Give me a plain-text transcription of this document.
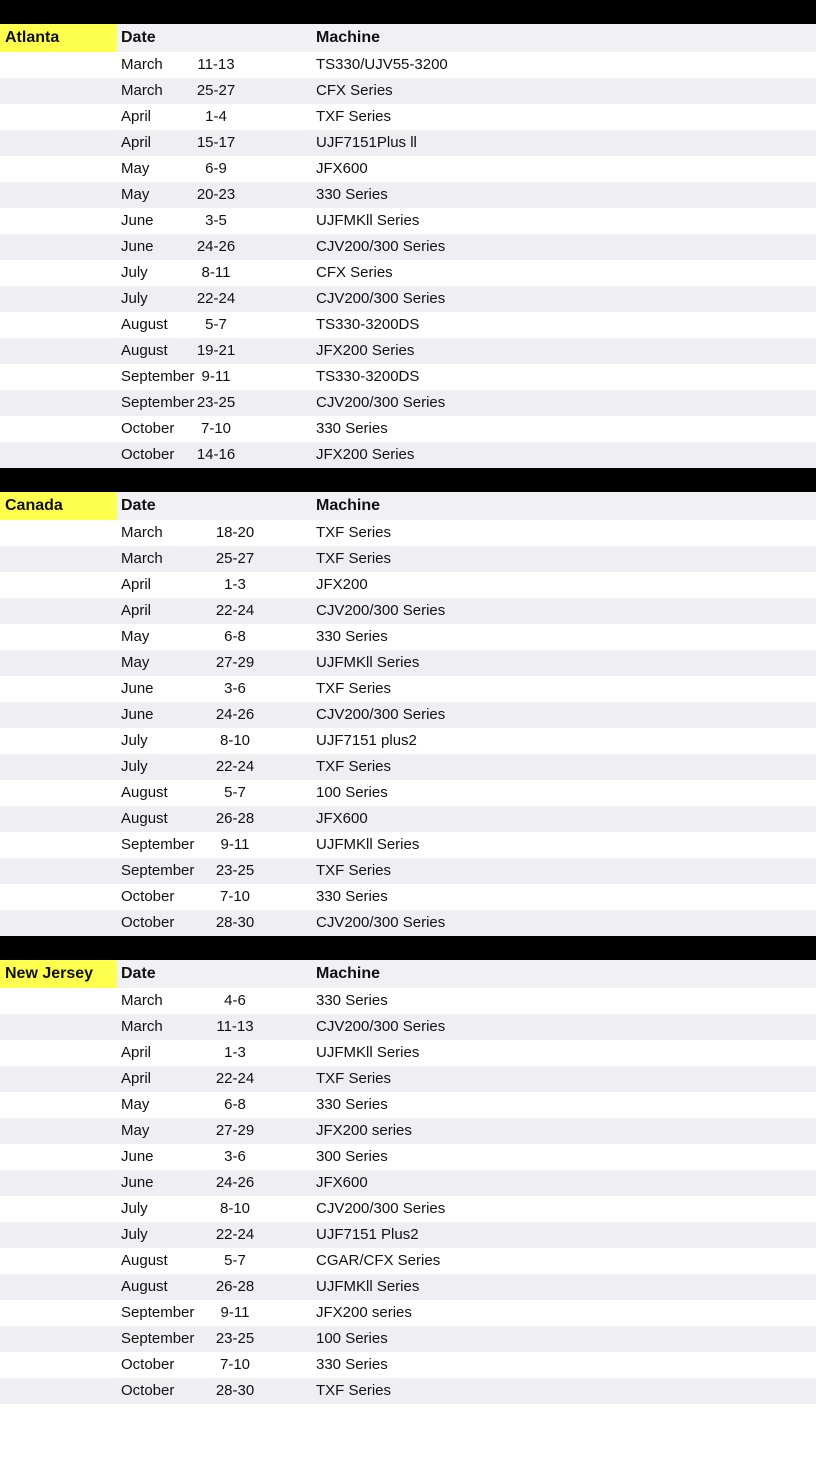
Atlanta	Date	Machine
March	11-13	TS330/UJV55-3200
March	25-27	CFX Series
April	1-4	TXF Series
April	15-17	UJF7151Plus ll
May	6-9	JFX600
May	20-23	330 Series
June	3-5	UJFMKll Series
June	24-26	CJV200/300 Series
July	8-11	CFX Series
July	22-24	CJV200/300 Series
August	5-7	TS330-3200DS
August	19-21	JFX200 Series
September 9-11	TS330-3200DS
September 23-25	CJV200/300 Series
October	7-10	330 Series
October	14-16	JFX200 Series
Canada	Date	Machine
March	18-20	TXF Series
March	25-27	TXF Series
April	1-3	JFX200
April	22-24	CJV200/300 Series
May	6-8	330 Series
May	27-29	UJFMKll Series
June	3-6	TXF Series
June	24-26	CJV200/300 Series
July	8-10	UJF7151 plus2
July	22-24	TXF Series
August	5-7	100 Series
August	26-28	JFX600
September	9-11	UJFMKll Series
September	23-25	TXF Series
October	7-10	330 Series
October	28-30	CJV200/300 Series
New Jersey	Date	Machine
March	4-6	330 Series
March	11-13	CJV200/300 Series
April	1-3	UJFMKll Series
April	22-24	TXF Series
May	6-8	330 Series
May	27-29	JFX200 series
June	3-6	300 Series
June	24-26	JFX600
July	8-10	CJV200/300 Series
July	22-24	UJF7151 Plus2
August	5-7	CGAR/CFX Series
August	26-28	UJFMKll Series
September	9-11	JFX200 series
September	23-25	100 Series
October	7-10	330 Series
October	28-30	TXF Series
